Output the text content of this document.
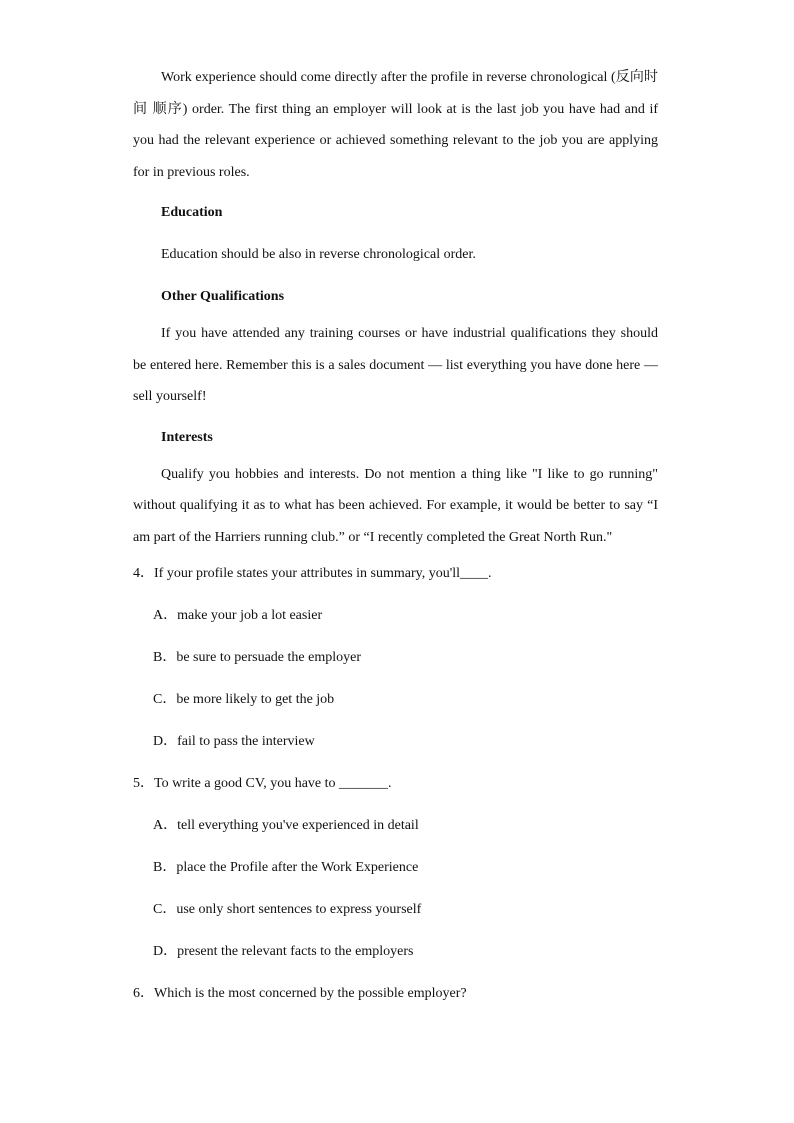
Work experience should come directly after the profile in reverse chronological (反向时间 顺序) order. The first thing an employer will look at is the last job you have had and if you had the relevant experience or achieved something relevant to the job you are applying for in previous roles.

Education

Education should be also in reverse chronological order.

Other Qualifications

If you have attended any training courses or have industrial qualifications they should be entered here. Remember this is a sales document — list everything you have done here — sell yourself!

Interests

Qualify you hobbies and interests. Do not mention a thing like "I like to go running" without qualifying it as to what has been achieved. For example, it would be better to say “I am part of the Harriers running club.” or “I recently completed the Great North Run."

4．If your profile states your attributes in summary, you'll____.

A．make your job a lot easier

B．be sure to persuade the employer

C．be more likely to get the job

D．fail to pass the interview

5．To write a good CV, you have to _______.

A．tell everything you've experienced in detail

B．place the Profile after the Work Experience

C．use only short sentences to express yourself

D．present the relevant facts to the employers

6．Which is the most concerned by the possible employer?
